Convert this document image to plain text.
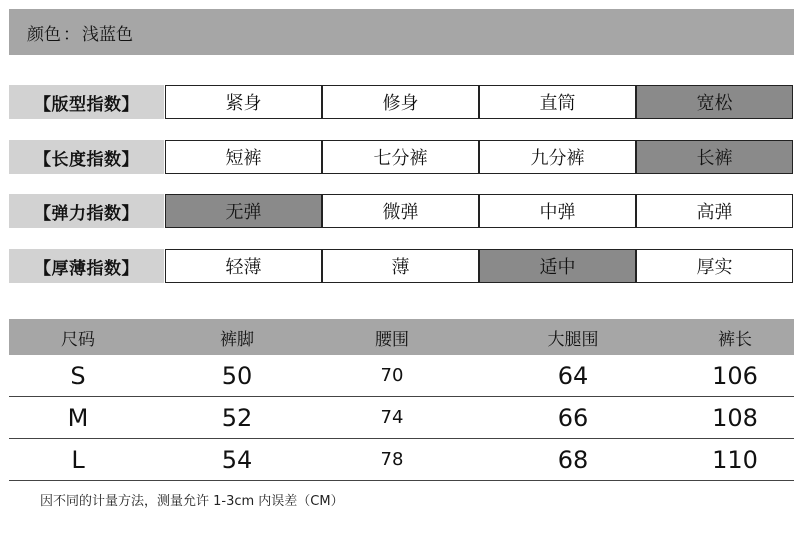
颜色 ： 浅蓝色
【版型指数】	紧身	修身	直筒	宽松
【长度指数】	短裤	七分裤	九分裤	长裤
【弹力指数】	无弹	微弹	中弹	高弹
【厚薄指数】	轻薄	薄	适中	厚实
尺码	裤脚	腰围	大腿围	裤长
S	50	70	64	106
M	52	74	66	108
L	54	78	68	110
因不同的计量方法，测量允许 1-3cm 内误差（CM）
